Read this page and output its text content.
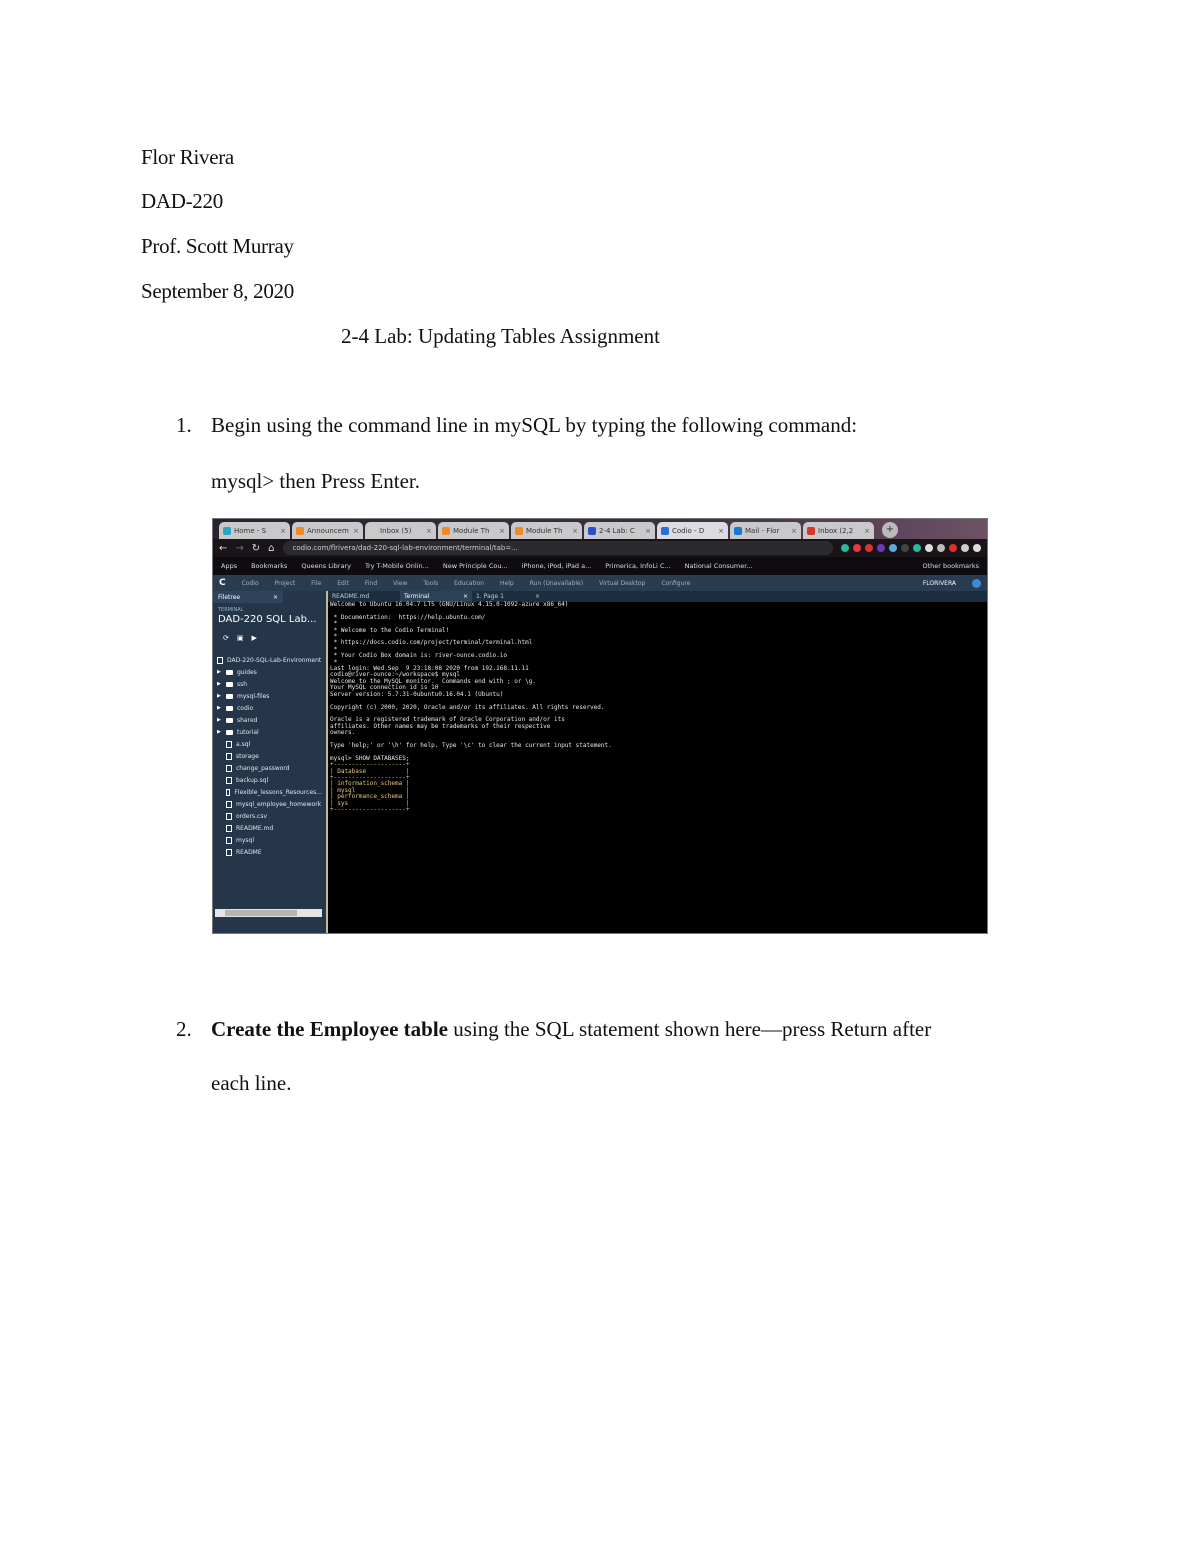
Flor Rivera
DAD-220
Prof. Scott Murray
September 8, 2020
2-4 Lab: Updating Tables Assignment
1. Begin using the command line in mySQL by typing the following command:
mysql> then Press Enter.
Home - S	×	Announcem ×	Inbox (5)	×	Module Th	×	Module Th	×	2-4 Lab: C	×	Codio - D	×	Mail - Flor	×	Inbox (2,2	×	+
← → ↻ ⌂	codio.com/flrivera/dad-220-sql-lab-environment/terminal/tab=...
Apps Bookmarks Queens Library Try T-Mobile Onlin... New Principle Cou... iPhone, iPod, iPad a... Primerica, InfoLi C... National Consumer...	Other bookmarks
C	Codio	Project	File	Edit	Find	View	Tools	Education	Help	Run (Unavailable)	Virtual Desktop	Configure	FLORIVERA
Filetree	×
TERMINAL
DAD-220 SQL Lab...
⟳ ▣ ▶
DAD-220-SQL-Lab-Environment
▶	guides
▶	ssh
▶	mysql-files
▶	codio
▶	shared
▶	tutorial
a.sql
storage
change_password
backup.sql
Flexible_lessons_Resources...
mysql_employee_homework
orders.csv
README.md
mysql
README
README.md	Terminal	× 1. Page 1	×
Welcome to Ubuntu 16.04.7 LTS (GNU/Linux 4.15.0-1092-azure x86_64)

* Documentation:  https://help.ubuntu.com/
*
* Welcome to the Codio Terminal!
*
* https://docs.codio.com/project/terminal/terminal.html
*
* Your Codio Box domain is: river-ounce.codio.io
*
Last login: Wed Sep  9 23:18:08 2020 from 192.168.11.11
codio@river-ounce:~/workspace$ mysql
Welcome to the MySQL monitor.  Commands end with ; or \g.
Your MySQL connection id is 10
Server version: 5.7.31-0ubuntu0.16.04.1 (Ubuntu)

Copyright (c) 2000, 2020, Oracle and/or its affiliates. All rights reserved.

Oracle is a registered trademark of Oracle Corporation and/or its
affiliates. Other names may be trademarks of their respective
owners.

Type 'help;' or '\h' for help. Type '\c' to clear the current input statement.

mysql> SHOW DATABASES;
+--------------------+
| Database           |
+--------------------+
| information_schema |
| mysql              |
| performance_schema |
| sys                |
+--------------------+
2. Create the Employee table using the SQL statement shown here—press Return after
each line.
